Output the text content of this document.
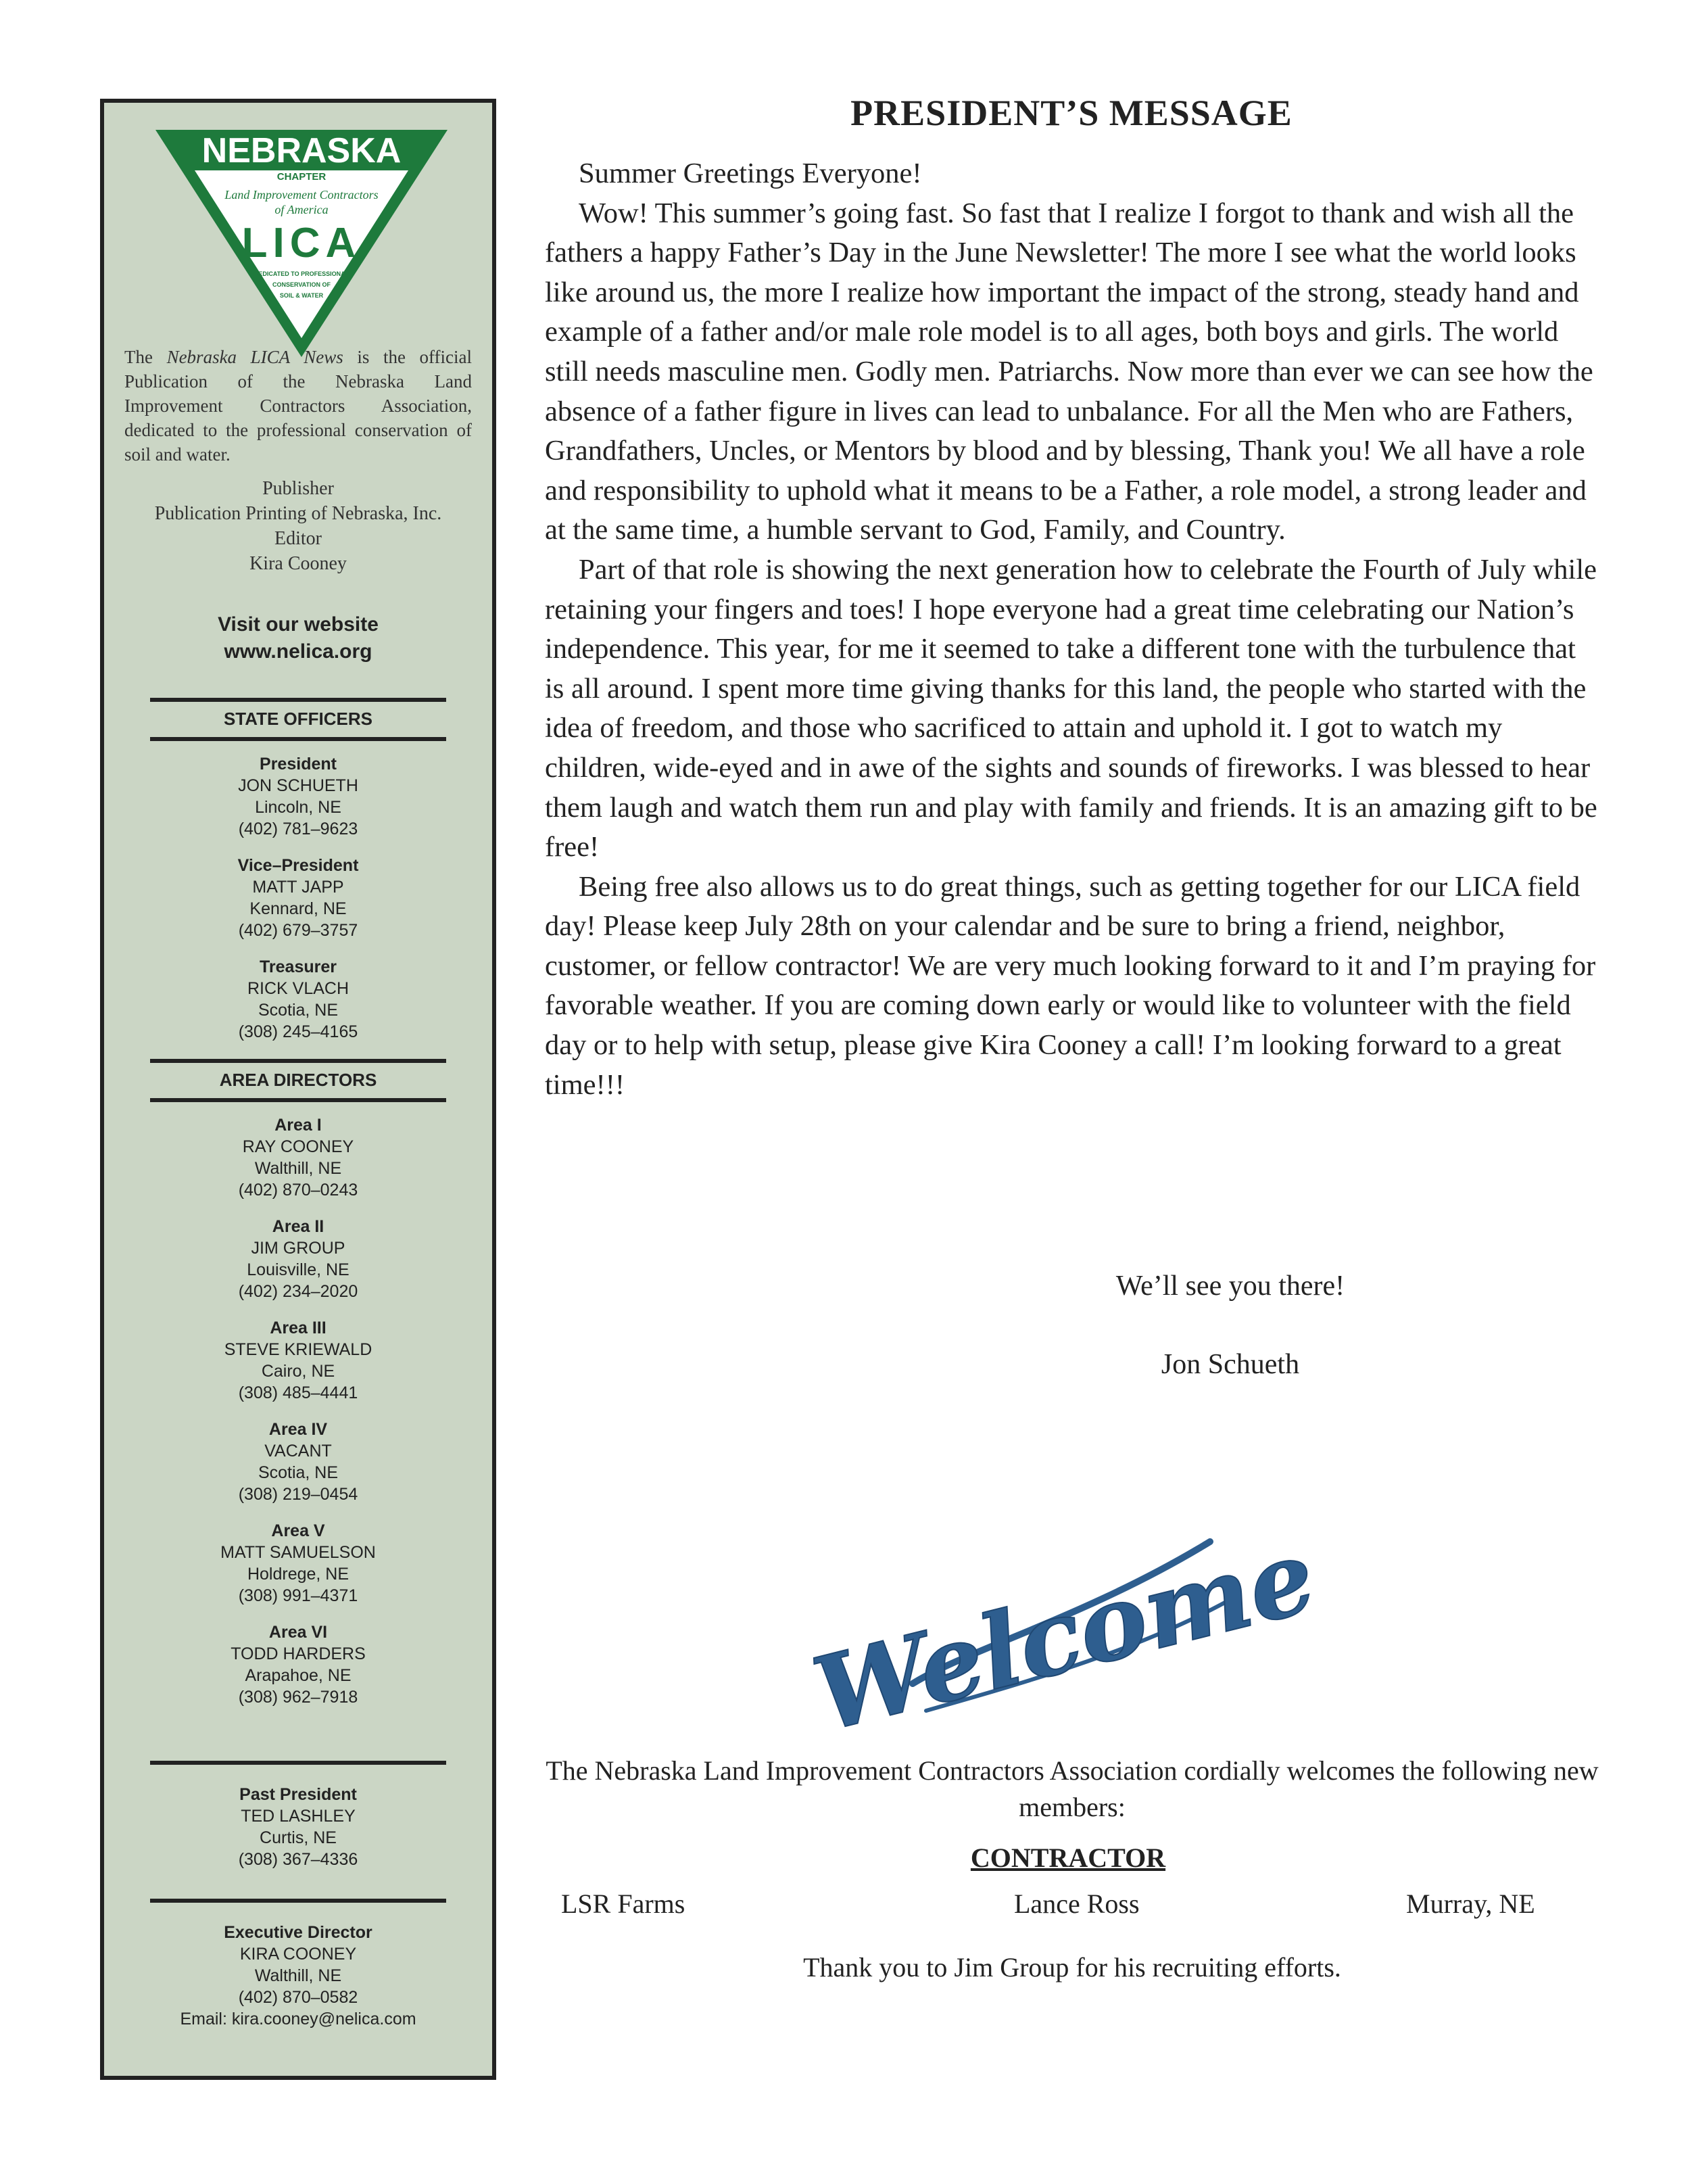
NEBRASKA
CHAPTER
Land Improvement Contractors
of America
LICA
DEDICATED TO PROFESSIONAL
CONSERVATION OF
SOIL & WATER
The Nebraska LICA News is the official Publication of the Nebraska Land Improvement Contractors Association, dedicated to the professional conservation of soil and water.
Publisher
Publication Printing of Nebraska, Inc.
Editor
Kira Cooney
Visit our website
www.nelica.org
STATE OFFICERS
President
JON SCHUETH
Lincoln, NE
(402) 781–9623
Vice–President
MATT JAPP
Kennard, NE
(402) 679–3757
Treasurer
RICK VLACH
Scotia, NE
(308) 245–4165
AREA DIRECTORS
Area I
RAY COONEY
Walthill, NE
(402) 870–0243
Area II
JIM GROUP
Louisville, NE
(402) 234–2020
Area III
STEVE KRIEWALD
Cairo, NE
(308) 485–4441
Area IV
VACANT
Scotia, NE
(308) 219–0454
Area V
MATT SAMUELSON
Holdrege, NE
(308) 991–4371
Area VI
TODD HARDERS
Arapahoe, NE
(308) 962–7918
Past President
TED LASHLEY
Curtis, NE
(308) 367–4336
Executive Director
KIRA COONEY
Walthill, NE
(402) 870–0582
Email: kira.cooney@nelica.com
PRESIDENT’S MESSAGE

Summer Greetings Everyone!

Wow! This summer’s going fast. So fast that I realize I forgot to thank and wish all the fathers a happy Father’s Day in the June Newsletter! The more I see what the world looks like around us, the more I realize how important the impact of the strong, steady hand and example of a father and/or male role model is to all ages, both boys and girls. The world still needs masculine men. Godly men. Patriarchs. Now more than ever we can see how the absence of a father figure in lives can lead to unbalance. For all the Men who are Fathers, Grandfathers, Uncles, or Mentors by blood and by blessing, Thank you! We all have a role and responsibility to uphold what it means to be a Father, a role model, a strong leader and at the same time, a humble servant to God, Family, and Country.

Part of that role is showing the next generation how to celebrate the Fourth of July while retaining your fingers and toes! I hope everyone had a great time celebrating our Nation’s independence. This year, for me it seemed to take a different tone with the turbulence that is all around. I spent more time giving thanks for this land, the people who started with the idea of freedom, and those who sacrificed to attain and uphold it. I got to watch my children, wide-eyed and in awe of the sights and sounds of fireworks. I was blessed to hear them laugh and watch them run and play with family and friends. It is an amazing gift to be free!

Being free also allows us to do great things, such as getting together for our LICA field day! Please keep July 28th on your calendar and be sure to bring a friend, neighbor, customer, or fellow contractor! We are very much looking forward to it and I’m praying for favorable weather. If you are coming down early or would like to volunteer with the field day or to help with setup, please give Kira Cooney a call! I’m looking forward to a great time!!!

We’ll see you there!
Jon Schueth
Welcome
The Nebraska Land Improvement Contractors Association cordially welcomes the following new members:
CONTRACTOR
LSR Farms	Lance Ross	Murray, NE
Thank you to Jim Group for his recruiting efforts.
